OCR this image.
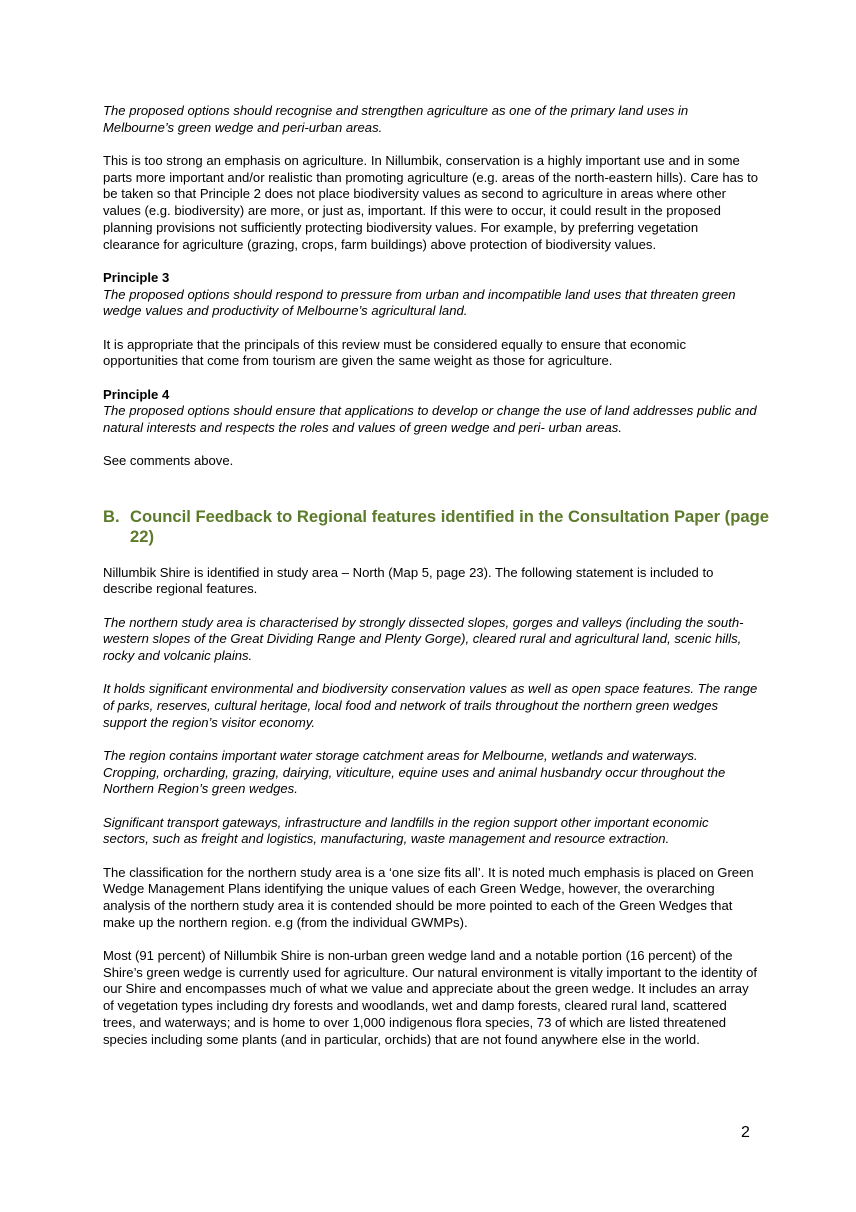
The proposed options should recognise and strengthen agriculture as one of the primary land uses in Melbourne’s green wedge and peri-urban areas.

This is too strong an emphasis on agriculture. In Nillumbik, conservation is a highly important use and in some parts more important and/or realistic than promoting agriculture (e.g. areas of the north-eastern hills). Care has to be taken so that Principle 2 does not place biodiversity values as second to agriculture in areas where other values (e.g. biodiversity) are more, or just as, important. If this were to occur, it could result in the proposed planning provisions not sufficiently protecting biodiversity values. For example, by preferring vegetation clearance for agriculture (grazing, crops, farm buildings) above protection of biodiversity values.

Principle 3

The proposed options should respond to pressure from urban and incompatible land uses that threaten green wedge values and productivity of Melbourne’s agricultural land.

It is appropriate that the principals of this review must be considered equally to ensure that economic opportunities that come from tourism are given the same weight as those for agriculture.

Principle 4

The proposed options should ensure that applications to develop or change the use of land addresses public and natural interests and respects the roles and values of green wedge and peri- urban areas.

See comments above.

B. Council Feedback to Regional features identified in the Consultation Paper (page 22)

Nillumbik Shire is identified in study area – North (Map 5, page 23). The following statement is included to describe regional features.

The northern study area is characterised by strongly dissected slopes, gorges and valleys (including the south-western slopes of the Great Dividing Range and Plenty Gorge), cleared rural and agricultural land, scenic hills, rocky and volcanic plains.

It holds significant environmental and biodiversity conservation values as well as open space features. The range of parks, reserves, cultural heritage, local food and network of trails throughout the northern green wedges support the region’s visitor economy.

The region contains important water storage catchment areas for Melbourne, wetlands and waterways. Cropping, orcharding, grazing, dairying, viticulture, equine uses and animal husbandry occur throughout the Northern Region’s green wedges.

Significant transport gateways, infrastructure and landfills in the region support other important economic sectors, such as freight and logistics, manufacturing, waste management and resource extraction.

The classification for the northern study area is a ‘one size fits all’. It is noted much emphasis is placed on Green Wedge Management Plans identifying the unique values of each Green Wedge, however, the overarching analysis of the northern study area it is contended should be more pointed to each of the Green Wedges that make up the northern region. e.g (from the individual GWMPs).

Most (91 percent) of Nillumbik Shire is non-urban green wedge land and a notable portion (16 percent) of the Shire’s green wedge is currently used for agriculture. Our natural environment is vitally important to the identity of our Shire and encompasses much of what we value and appreciate about the green wedge. It includes an array of vegetation types including dry forests and woodlands, wet and damp forests, cleared rural land, scattered trees, and waterways; and is home to over 1,000 indigenous flora species, 73 of which are listed threatened species including some plants (and in particular, orchids) that are not found anywhere else in the world.

2
